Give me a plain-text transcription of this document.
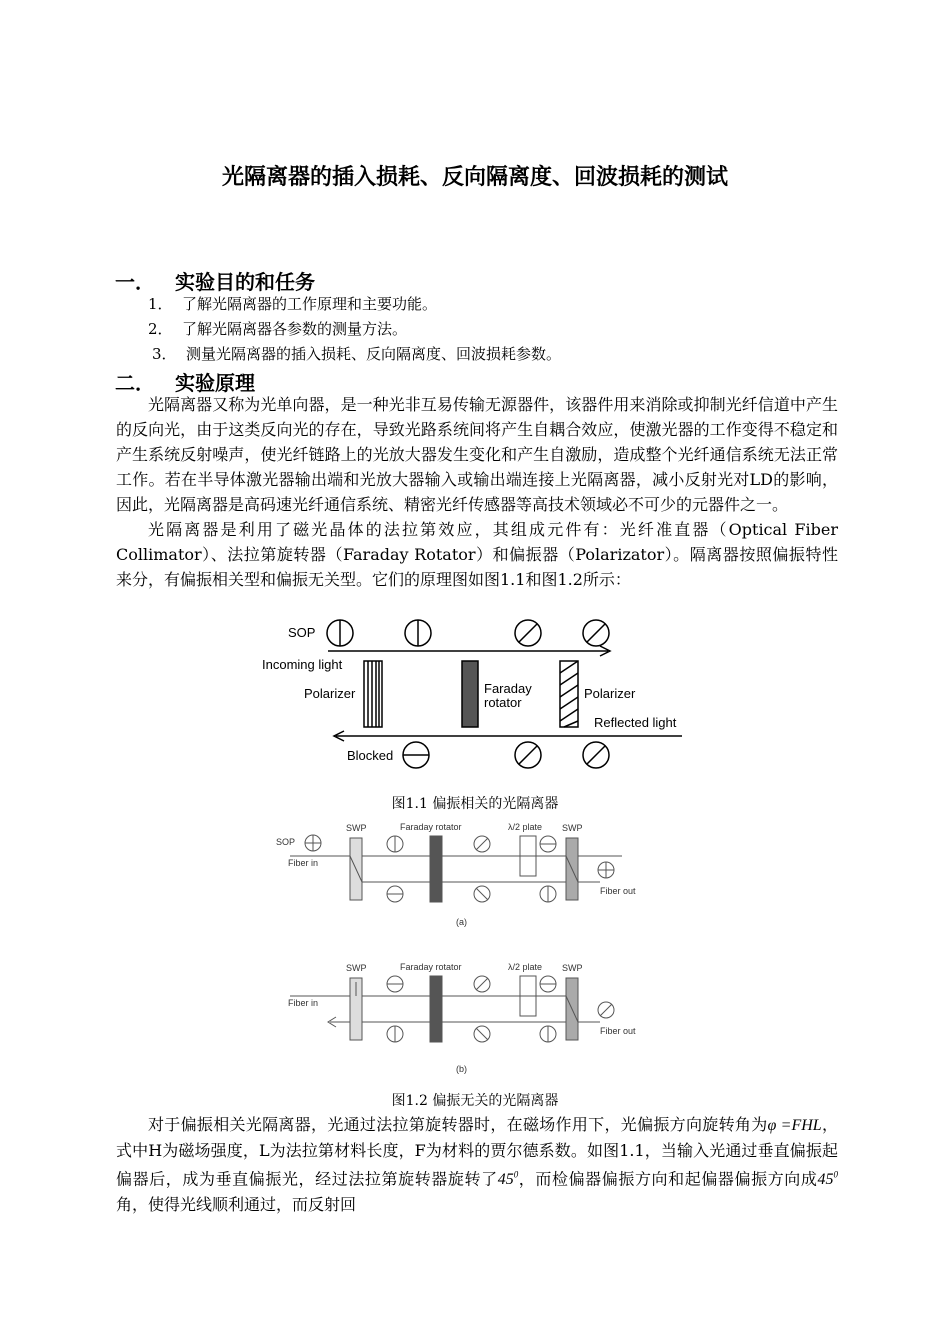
光隔离器的插入损耗、反向隔离度、回波损耗的测试
一． 实验目的和任务
1． 了解光隔离器的工作原理和主要功能。
2． 了解光隔离器各参数的测量方法。
3． 测量光隔离器的插入损耗、反向隔离度、回波损耗参数。
二． 实验原理

光隔离器又称为光单向器，是一种光非互易传输无源器件，该器件用来消除或抑制光纤信道中产生的反向光，由于这类反向光的存在，导致光路系统间将产生自耦合效应，使激光器的工作变得不稳定和产生系统反射噪声，使光纤链路上的光放大器发生变化和产生自激励，造成整个光纤通信系统无法正常工作。若在半导体激光器输出端和光放大器输入或输出端连接上光隔离器，减小反射光对LD的影响，因此，光隔离器是高码速光纤通信系统、精密光纤传感器等高技术领域必不可少的元器件之一。

光隔离器是利用了磁光晶体的法拉第效应，其组成元件有：光纤准直器（Optical Fiber Collimator）、法拉第旋转器（Faraday Rotator）和偏振器（Polarizator）。隔离器按照偏振特性来分，有偏振相关型和偏振无关型。它们的原理图如图1.1和图1.2所示：

SOP
Incoming light
Polarizer	Faraday
rotator
Polarizer
Reflected light
Blocked
图1.1 偏振相关的光隔离器
SOP
SWP	Faraday rotator	λ/2 plate SWP
Fiber in
Fiber out
(a)
SWP	Faraday rotator	λ/2 plate SWP
Fiber in
Fiber out
(b)
图1.2 偏振无关的光隔离器

对于偏振相关光隔离器，光通过法拉第旋转器时，在磁场作用下，光偏振方向旋转角为φ =FHL，式中H为磁场强度，L为法拉第材料长度，F为材料的贾尔德系数。如图1.1，当输入光通过垂直偏振起偏器后，成为垂直偏振光，经过法拉第旋转器旋转了$45^0$，而检偏器偏振方向和起偏器偏振方向成$45^0$角，使得光线顺利通过，而反射回
